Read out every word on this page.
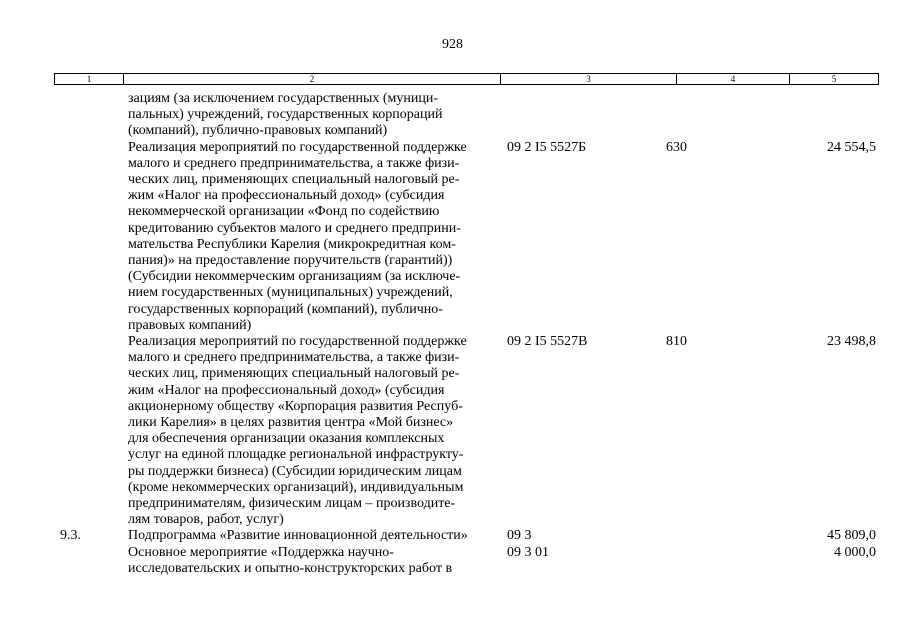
928
1	2	3	4	5
зациям (за исключением государственных (муници-
пальных) учреждений, государственных корпораций
(компаний), публично-правовых компаний)
Реализация мероприятий по государственной поддержке
малого и среднего предпринимательства, а также физи-
ческих лиц, применяющих специальный налоговый ре-
жим «Налог на профессиональный доход» (субсидия
некоммерческой организации «Фонд по содействию
кредитованию субъектов малого и среднего предприни-
мательства Республики Карелия (микрокредитная ком-
пания)» на предоставление поручительств (гарантий))
(Субсидии некоммерческим организациям (за исключе-
нием государственных (муниципальных) учреждений,
государственных корпораций (компаний), публично-
правовых компаний)
09 2 I5 5527Б	630	24 554,5
Реализация мероприятий по государственной поддержке
малого и среднего предпринимательства, а также физи-
ческих лиц, применяющих специальный налоговый ре-
жим «Налог на профессиональный доход» (субсидия
акционерному обществу «Корпорация развития Респуб-
лики Карелия» в целях развития центра «Мой бизнес»
для обеспечения организации оказания комплексных
услуг на единой площадке региональной инфраструкту-
ры поддержки бизнеса) (Субсидии юридическим лицам
(кроме некоммерческих организаций), индивидуальным
предпринимателям, физическим лицам – производите-
лям товаров, работ, услуг)
09 2 I5 5527В	810	23 498,8
9.3.	Подпрограмма «Развитие инновационной деятельности»	09 3	45 809,0
Основное мероприятие «Поддержка научно-
исследовательских и опытно-конструкторских работ в
09 3 01	4 000,0
